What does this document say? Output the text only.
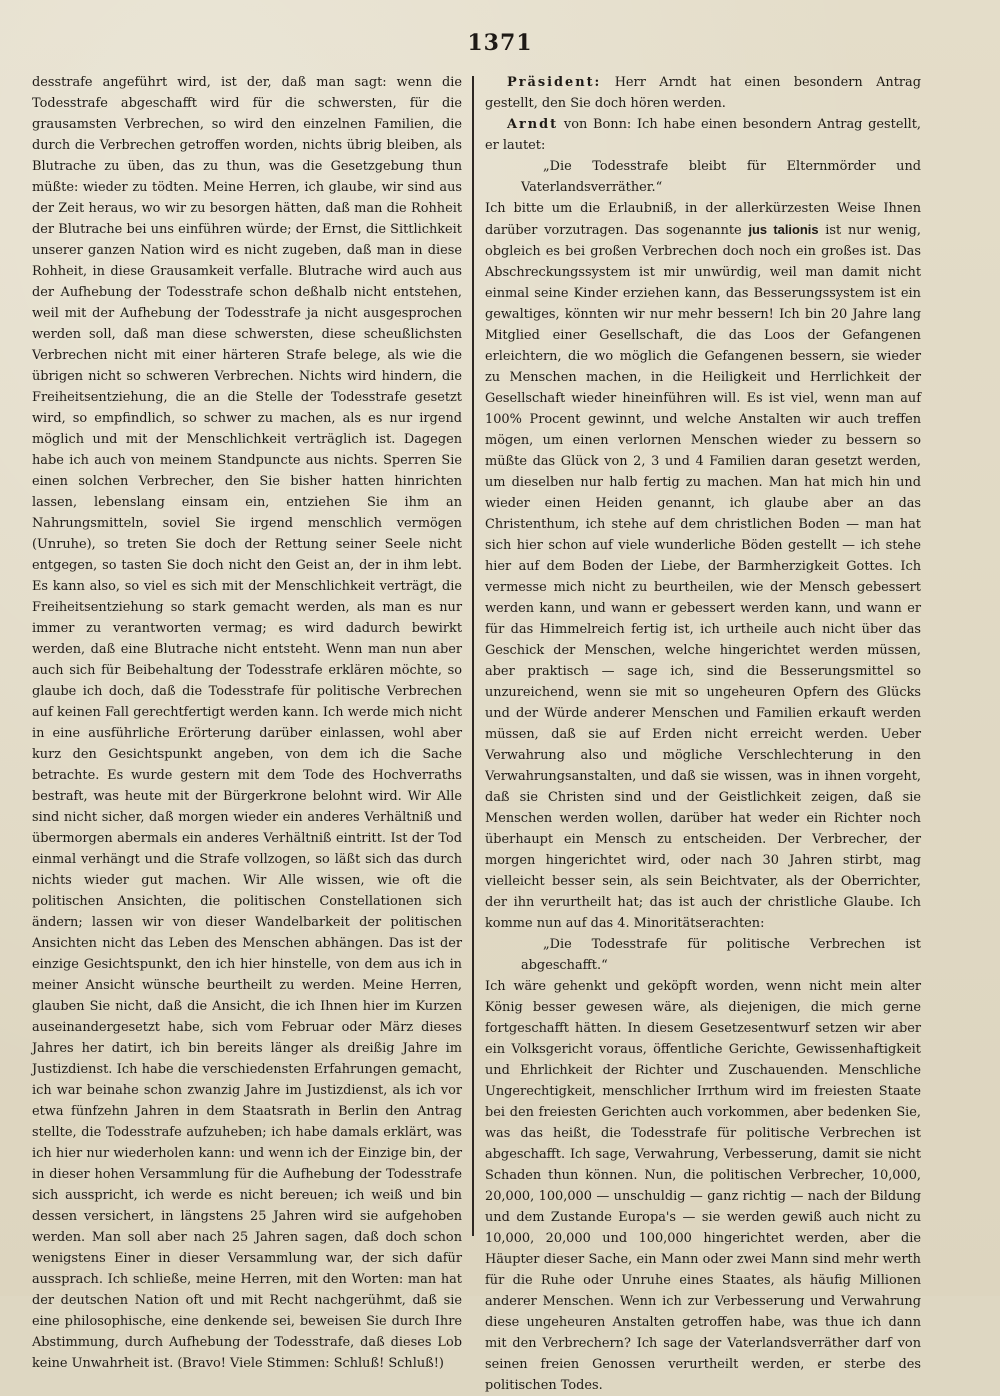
1371

desstrafe angeführt wird, ist der, daß man sagt: wenn die Todesstrafe abgeschafft wird für die schwersten, für die grausamsten Verbrechen, so wird den einzelnen Familien, die durch die Verbrechen getroffen worden, nichts übrig bleiben, als Blutrache zu üben, das zu thun, was die Gesetzgebung thun müßte: wieder zu tödten. Meine Herren, ich glaube, wir sind aus der Zeit heraus, wo wir zu besorgen hätten, daß man die Rohheit der Blutrache bei uns einführen würde; der Ernst, die Sittlichkeit unserer ganzen Nation wird es nicht zugeben, daß man in diese Rohheit, in diese Grausamkeit verfalle. Blutrache wird auch aus der Aufhebung der Todesstrafe schon deßhalb nicht entstehen, weil mit der Aufhebung der Todesstrafe ja nicht ausgesprochen werden soll, daß man diese schwersten, diese scheußlichsten Verbrechen nicht mit einer härteren Strafe belege, als wie die übrigen nicht so schweren Verbrechen. Nichts wird hindern, die Freiheitsentziehung, die an die Stelle der Todesstrafe gesetzt wird, so empfindlich, so schwer zu machen, als es nur irgend möglich und mit der Menschlichkeit verträglich ist. Dagegen habe ich auch von meinem Standpuncte aus nichts. Sperren Sie einen solchen Verbrecher, den Sie bisher hatten hinrichten lassen, lebenslang einsam ein, entziehen Sie ihm an Nahrungsmitteln, soviel Sie irgend menschlich vermögen (Unruhe), so treten Sie doch der Rettung seiner Seele nicht entgegen, so tasten Sie doch nicht den Geist an, der in ihm lebt. Es kann also, so viel es sich mit der Menschlichkeit verträgt, die Freiheitsentziehung so stark gemacht werden, als man es nur immer zu verantworten vermag; es wird dadurch bewirkt werden, daß eine Blutrache nicht entsteht. Wenn man nun aber auch sich für Beibehaltung der Todesstrafe erklären möchte, so glaube ich doch, daß die Todesstrafe für politische Verbrechen auf keinen Fall gerechtfertigt werden kann. Ich werde mich nicht in eine ausführliche Erörterung darüber einlassen, wohl aber kurz den Gesichtspunkt angeben, von dem ich die Sache betrachte. Es wurde gestern mit dem Tode des Hochverraths bestraft, was heute mit der Bürgerkrone belohnt wird. Wir Alle sind nicht sicher, daß morgen wieder ein anderes Verhältniß und übermorgen abermals ein anderes Verhältniß eintritt. Ist der Tod einmal verhängt und die Strafe vollzogen, so läßt sich das durch nichts wieder gut machen. Wir Alle wissen, wie oft die politischen Ansichten, die politischen Constellationen sich ändern; lassen wir von dieser Wandelbarkeit der politischen Ansichten nicht das Leben des Menschen abhängen. Das ist der einzige Gesichtspunkt, den ich hier hinstelle, von dem aus ich in meiner Ansicht wünsche beurtheilt zu werden. Meine Herren, glauben Sie nicht, daß die Ansicht, die ich Ihnen hier im Kurzen auseinandergesetzt habe, sich vom Februar oder März dieses Jahres her datirt, ich bin bereits länger als dreißig Jahre im Justizdienst. Ich habe die verschiedensten Erfahrungen gemacht, ich war beinahe schon zwanzig Jahre im Justizdienst, als ich vor etwa fünfzehn Jahren in dem Staatsrath in Berlin den Antrag stellte, die Todesstrafe aufzuheben; ich habe damals erklärt, was ich hier nur wiederholen kann: und wenn ich der Einzige bin, der in dieser hohen Versammlung für die Aufhebung der Todesstrafe sich ausspricht, ich werde es nicht bereuen; ich weiß und bin dessen versichert, in längstens 25 Jahren wird sie aufgehoben werden. Man soll aber nach 25 Jahren sagen, daß doch schon wenigstens Einer in dieser Versammlung war, der sich dafür aussprach. Ich schließe, meine Herren, mit den Worten: man hat der deutschen Nation oft und mit Recht nachgerühmt, daß sie eine philosophische, eine denkende sei, beweisen Sie durch Ihre Abstimmung, durch Aufhebung der Todesstrafe, daß dieses Lob keine Unwahrheit ist. (Bravo! Viele Stimmen: Schluß! Schluß!)

Präsident: Herr Arndt hat einen besondern Antrag gestellt, den Sie doch hören werden.

Arndt von Bonn: Ich habe einen besondern Antrag gestellt, er lautet:

„Die Todesstrafe bleibt für Elternmörder und Vaterlandsverräther.“

Ich bitte um die Erlaubniß, in der allerkürzesten Weise Ihnen darüber vorzutragen. Das sogenannte jus talionis ist nur wenig, obgleich es bei großen Verbrechen doch noch ein großes ist. Das Abschreckungssystem ist mir unwürdig, weil man damit nicht einmal seine Kinder erziehen kann, das Besserungssystem ist ein gewaltiges, könnten wir nur mehr bessern! Ich bin 20 Jahre lang Mitglied einer Gesellschaft, die das Loos der Gefangenen erleichtern, die wo möglich die Gefangenen bessern, sie wieder zu Menschen machen, in die Heiligkeit und Herrlichkeit der Gesellschaft wieder hineinführen will. Es ist viel, wenn man auf 100% Procent gewinnt, und welche Anstalten wir auch treffen mögen, um einen verlornen Menschen wieder zu bessern so müßte das Glück von 2, 3 und 4 Familien daran gesetzt werden, um dieselben nur halb fertig zu machen. Man hat mich hin und wieder einen Heiden genannt, ich glaube aber an das Christenthum, ich stehe auf dem christlichen Boden — man hat sich hier schon auf viele wunderliche Böden gestellt — ich stehe hier auf dem Boden der Liebe, der Barmherzigkeit Gottes. Ich vermesse mich nicht zu beurtheilen, wie der Mensch gebessert werden kann, und wann er gebessert werden kann, und wann er für das Himmelreich fertig ist, ich urtheile auch nicht über das Geschick der Menschen, welche hingerichtet werden müssen, aber praktisch — sage ich, sind die Besserungsmittel so unzureichend, wenn sie mit so ungeheuren Opfern des Glücks und der Würde anderer Menschen und Familien erkauft werden müssen, daß sie auf Erden nicht erreicht werden. Ueber Verwahrung also und mögliche Verschlechterung in den Verwahrungsanstalten, und daß sie wissen, was in ihnen vorgeht, daß sie Christen sind und der Geistlichkeit zeigen, daß sie Menschen werden wollen, darüber hat weder ein Richter noch überhaupt ein Mensch zu entscheiden. Der Verbrecher, der morgen hingerichtet wird, oder nach 30 Jahren stirbt, mag vielleicht besser sein, als sein Beichtvater, als der Oberrichter, der ihn verurtheilt hat; das ist auch der christliche Glaube. Ich komme nun auf das 4. Minoritätserachten:

„Die Todesstrafe für politische Verbrechen ist abgeschafft.“

Ich wäre gehenkt und geköpft worden, wenn nicht mein alter König besser gewesen wäre, als diejenigen, die mich gerne fortgeschafft hätten. In diesem Gesetzesentwurf setzen wir aber ein Volksgericht voraus, öffentliche Gerichte, Gewissenhaftigkeit und Ehrlichkeit der Richter und Zuschauenden. Menschliche Ungerechtigkeit, menschlicher Irrthum wird im freiesten Staate bei den freiesten Gerichten auch vorkommen, aber bedenken Sie, was das heißt, die Todesstrafe für politische Verbrechen ist abgeschafft. Ich sage, Verwahrung, Verbesserung, damit sie nicht Schaden thun können. Nun, die politischen Verbrecher, 10,000, 20,000, 100,000 — unschuldig — ganz richtig — nach der Bildung und dem Zustande Europa's — sie werden gewiß auch nicht zu 10,000, 20,000 und 100,000 hingerichtet werden, aber die Häupter dieser Sache, ein Mann oder zwei Mann sind mehr werth für die Ruhe oder Unruhe eines Staates, als häufig Millionen anderer Menschen. Wenn ich zur Verbesserung und Verwahrung diese ungeheuren Anstalten getroffen habe, was thue ich dann mit den Verbrechern? Ich sage der Vaterlandsverräther darf von seinen freien Genossen verurtheilt werden, er sterbe des politischen Todes.
